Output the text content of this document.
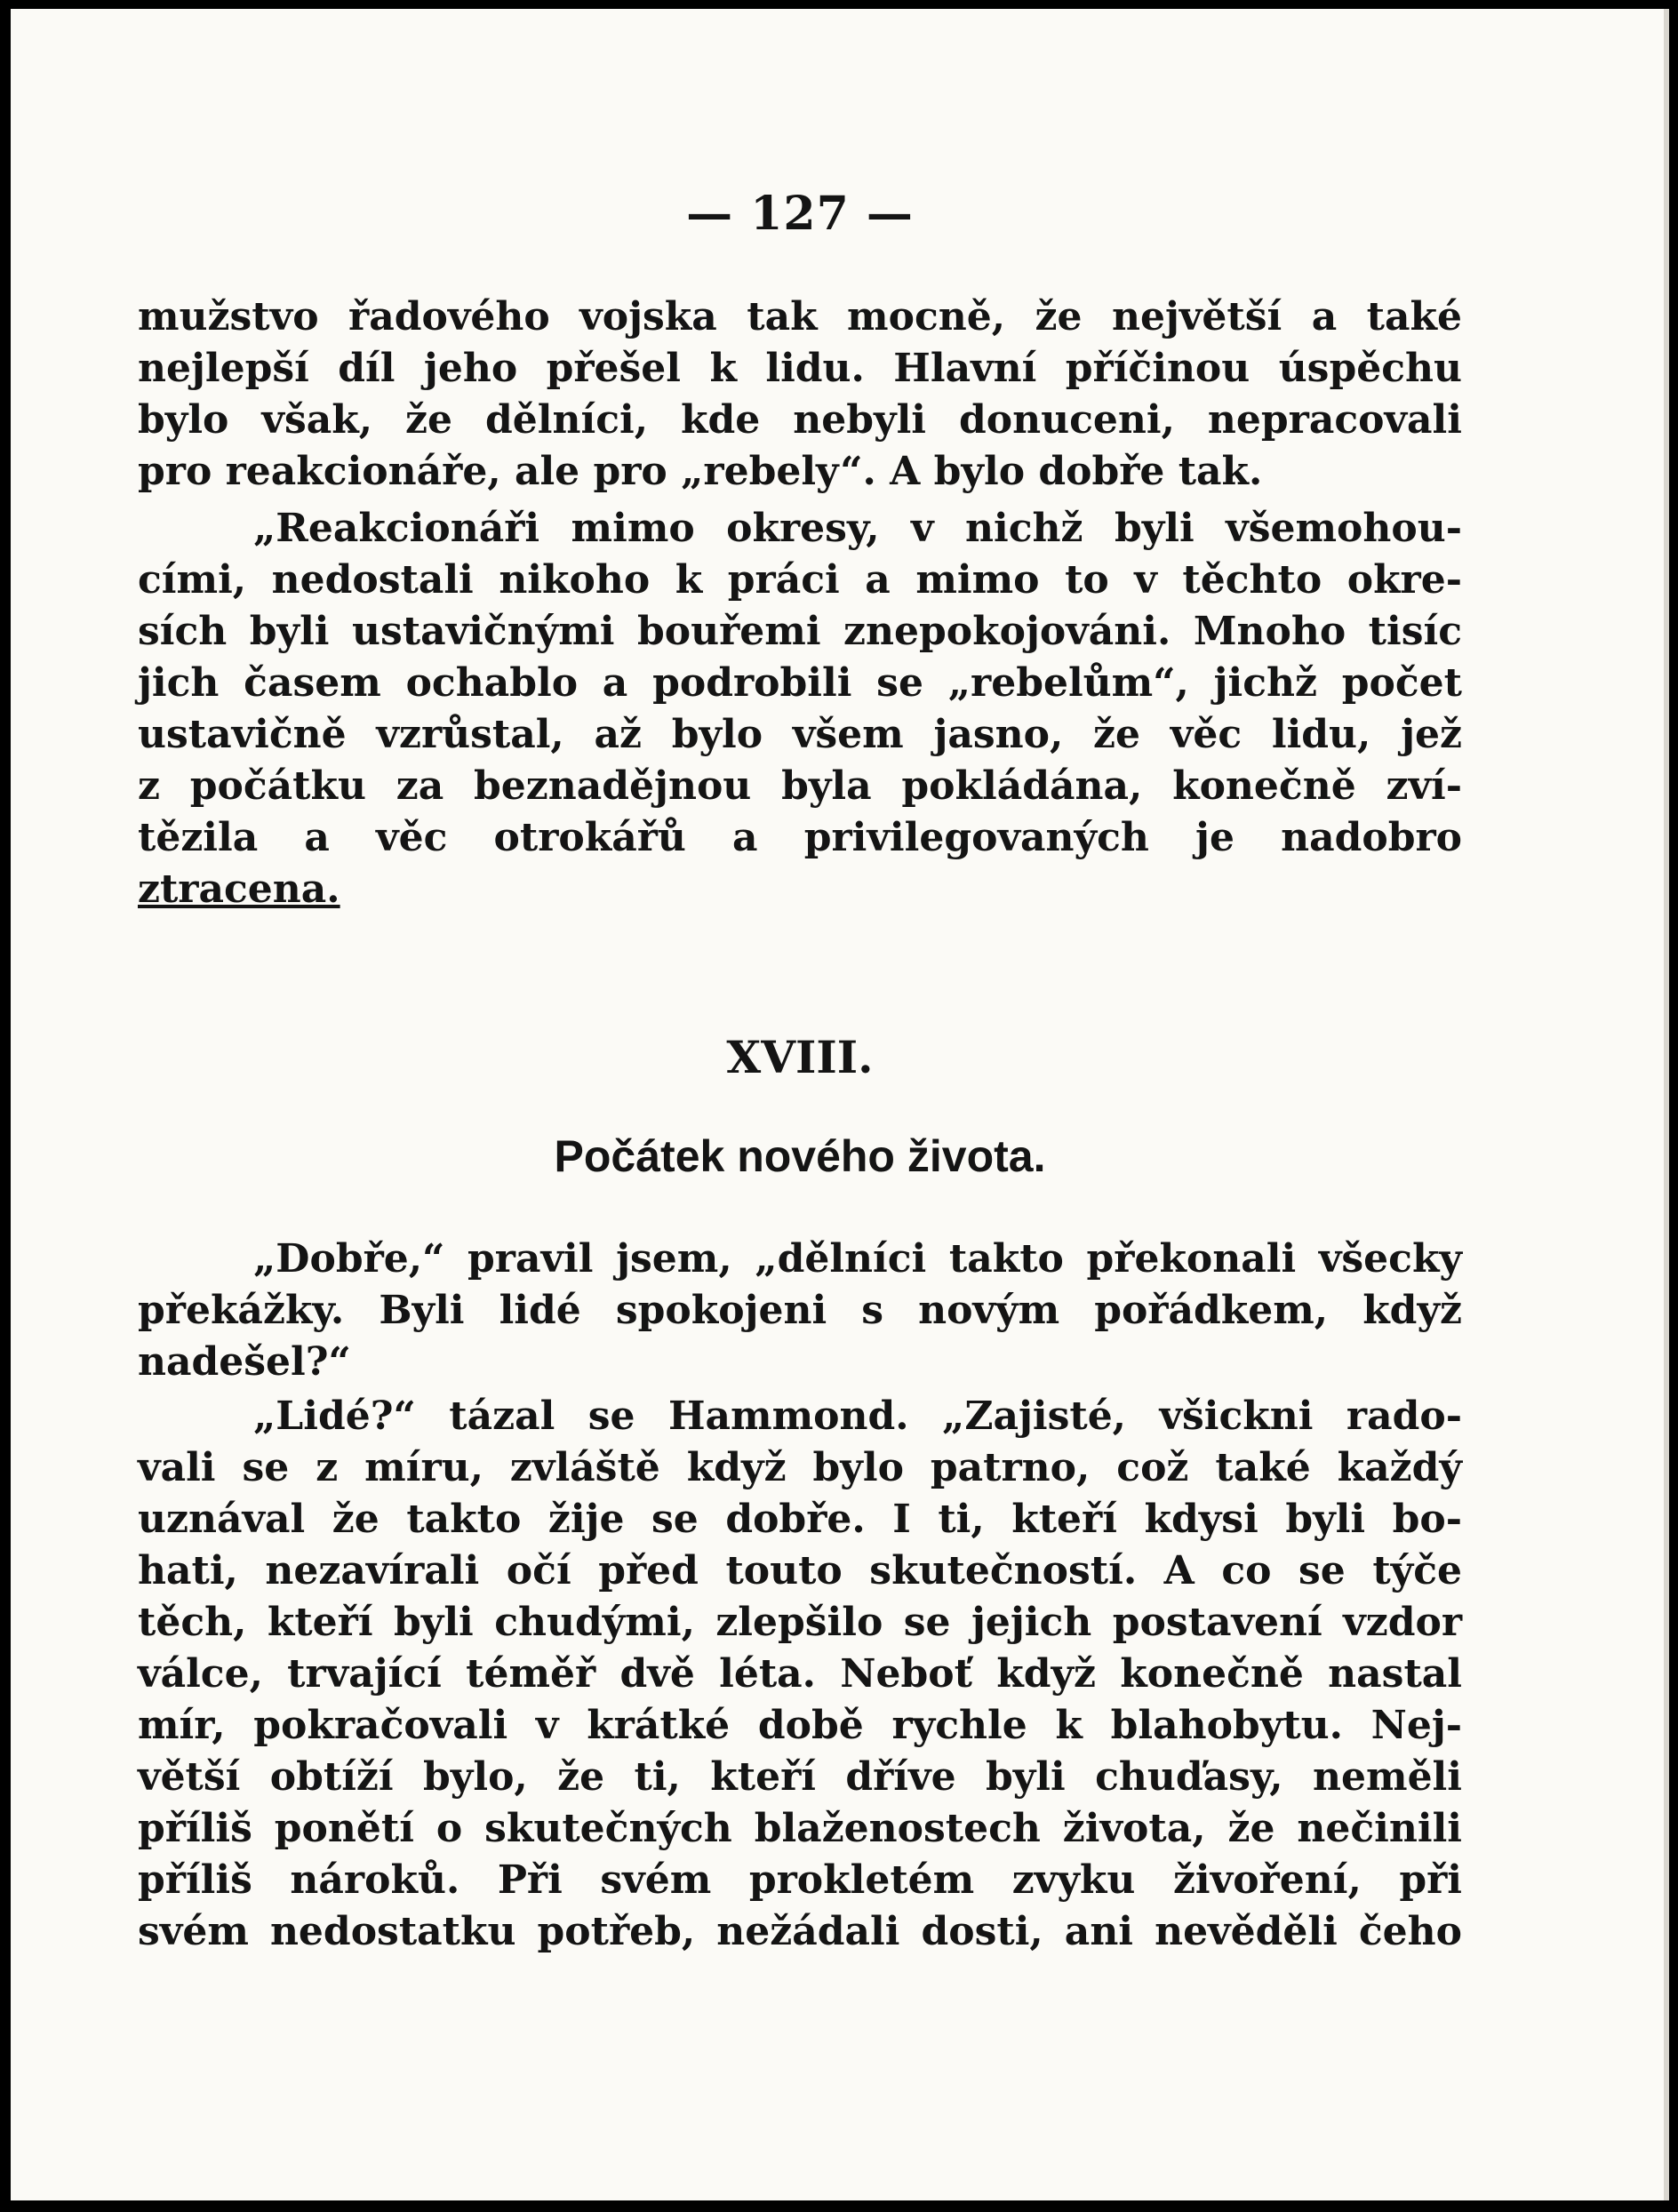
— 127 —
mužstvo řadového vojska tak mocně, že největší a také
nejlepší díl jeho přešel k lidu. Hlavní příčinou úspěchu
bylo však, že dělníci, kde nebyli donuceni, nepracovali
pro reakcionáře, ale pro „rebely“. A bylo dobře tak.
„Reakcionáři mimo okresy, v nichž byli všemohou-
cími, nedostali nikoho k práci a mimo to v těchto okre-
sích byli ustavičnými bouřemi znepokojováni. Mnoho tisíc
jich časem ochablo a podrobili se „rebelům“, jichž počet
ustavičně vzrůstal, až bylo všem jasno, že věc lidu, jež
z počátku za beznadějnou byla pokládána, konečně zví-
tězila a věc otrokářů a privilegovaných je nadobro
ztracena.
XVIII.
Počátek nového života.
„Dobře,“ pravil jsem, „dělníci takto překonali všecky
překážky. Byli lidé spokojeni s novým pořádkem, když
nadešel?“
„Lidé?“ tázal se Hammond. „Zajisté, všickni rado-
vali se z míru, zvláště když bylo patrno, což také každý
uznával že takto žije se dobře. I ti, kteří kdysi byli bo-
hati, nezavírali očí před touto skutečností. A co se týče
těch, kteří byli chudými, zlepšilo se jejich postavení vzdor
válce, trvající téměř dvě léta. Neboť když konečně nastal
mír, pokračovali v krátké době rychle k blahobytu. Nej-
větší obtíží bylo, že ti, kteří dříve byli chuďasy, neměli
příliš ponětí o skutečných blaženostech života, že nečinili
příliš nároků. Při svém prokletém zvyku živoření, při
svém nedostatku potřeb, nežádali dosti, ani nevěděli čeho
